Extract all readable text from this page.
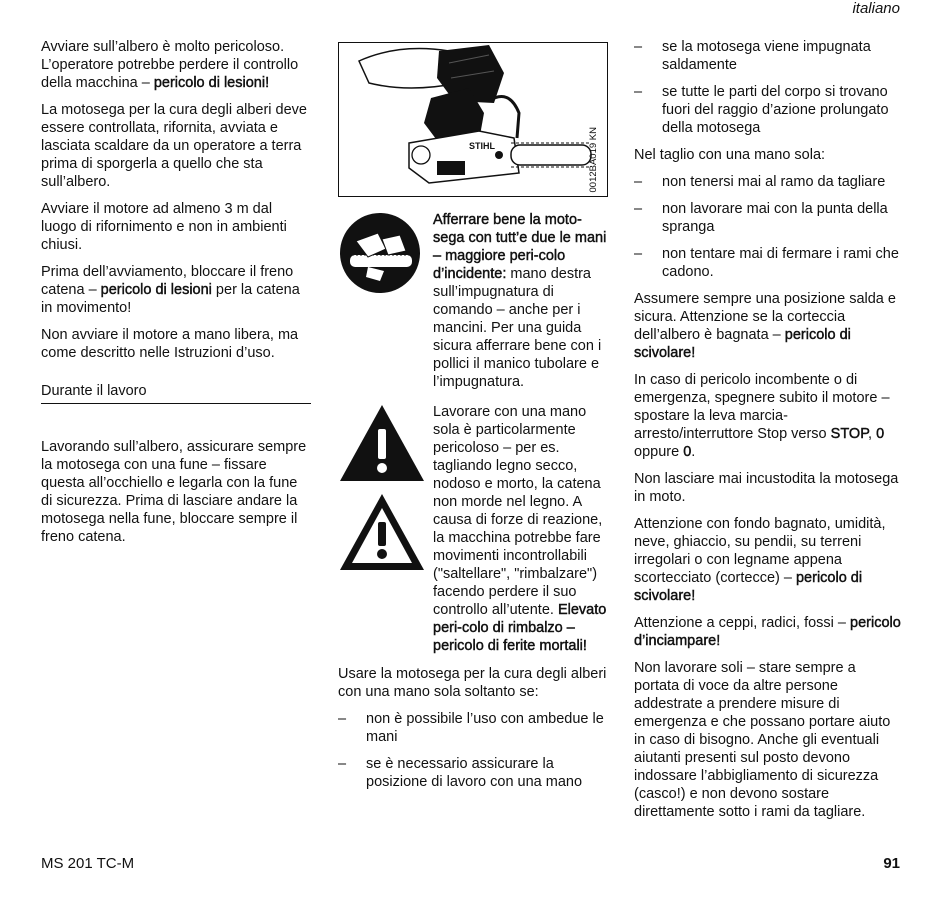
italiano

Avviare sull’albero è molto pericoloso. L’operatore potrebbe perdere il controllo della macchina – pericolo di lesioni!

La motosega per la cura degli alberi deve essere controllata, rifornita, avviata e lasciata scaldare da un operatore a terra prima di sporgerla a quello che sta sull’albero.

Avviare il motore ad almeno 3 m dal luogo di rifornimento e non in ambienti chiusi.

Prima dell’avviamento, bloccare il freno catena – pericolo di lesioni per la catena in movimento!

Non avviare il motore a mano libera, ma come descritto nelle Istruzioni d’uso.

Durante il lavoro

Lavorando sull’albero, assicurare sempre la motosega con una fune – fissare questa all’occhiello e legarla con la fune di sicurezza. Prima di lasciare andare la motosega nella fune, bloccare sempre il freno catena.

STIHL	0012BA019 KN
Afferrare bene la moto-sega con tutt’e due le mani – maggiore peri-colo d’incidente: mano destra sull’impugnatura di comando – anche per i mancini. Per una guida sicura afferrare bene con i pollici il manico tubolare e l’impugnatura.

Lavorare con una mano sola è particolarmente pericoloso – per es. tagliando legno secco, nodoso e morto, la catena non morde nel legno. A causa di forze di reazione, la macchina potrebbe fare movimenti incontrollabili ("saltellare", "rimbalzare") facendo perdere il suo controllo all’utente. Elevato peri-colo di rimbalzo – pericolo di ferite mortali!

Usare la motosega per la cura degli alberi con una mano sola soltanto se:

–	non è possibile l’uso con ambedue le mani
–	se è necessario assicurare la posizione di lavoro con una mano
–	se la motosega viene impugnata saldamente
–	se tutte le parti del corpo si trovano fuori del raggio d’azione prolungato della motosega

Nel taglio con una mano sola:

–	non tenersi mai al ramo da tagliare
–	non lavorare mai con la punta della spranga
–	non tentare mai di fermare i rami che cadono.

Assumere sempre una posizione salda e sicura. Attenzione se la corteccia dell’albero è bagnata – pericolo di scivolare!

In caso di pericolo incombente o di emergenza, spegnere subito il motore – spostare la leva marcia-arresto/interruttore Stop verso STOP, 0 oppure 0.

Non lasciare mai incustodita la motosega in moto.

Attenzione con fondo bagnato, umidità, neve, ghiaccio, su pendii, su terreni irregolari o con legname appena scortecciato (cortecce) – pericolo di scivolare!

Attenzione a ceppi, radici, fossi – pericolo d’inciampare!

Non lavorare soli – stare sempre a portata di voce da altre persone addestrate a prendere misure di emergenza e che possano portare aiuto in caso di bisogno. Anche gli eventuali aiutanti presenti sul posto devono indossare l’abbigliamento di sicurezza (casco!) e non devono sostare direttamente sotto i rami da tagliare.

MS 201 TC-M	91
